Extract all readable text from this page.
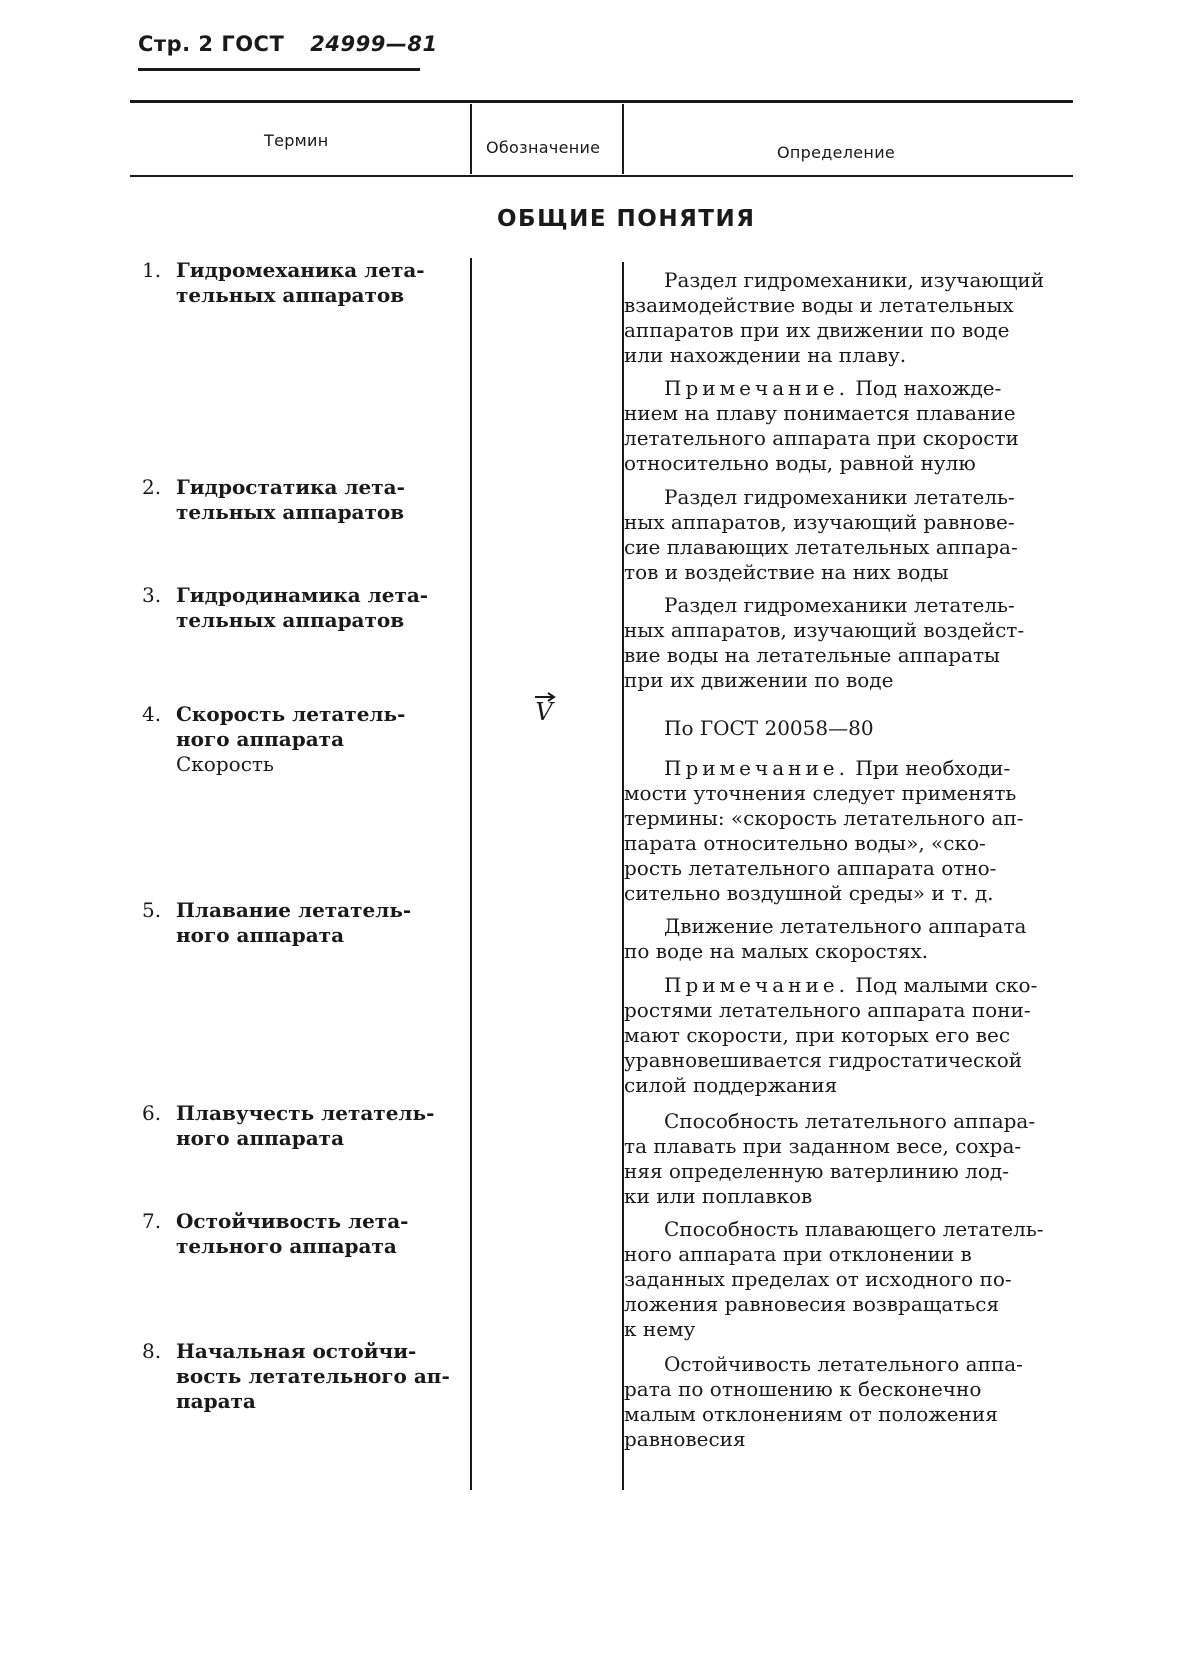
Стр. 2 ГОСТ 24999—81
Термин	Обозначение	Определение
ОБЩИЕ ПОНЯТИЯ
1. Гидромеханика лета-
тельных аппаратов
2. Гидростатика лета-
тельных аппаратов
3. Гидродинамика лета-
тельных аппаратов
4. Скорость летатель-
ного аппарата
Скорость
5. Плавание летатель-
ного аппарата
6. Плавучесть летатель-
ного аппарата
7. Остойчивость лета-
тельного аппарата
8. Начальная остойчи-
вость летательного ап-
парата
V
Раздел гидромеханики, изучающий
взаимодействие воды и летательных
аппаратов при их движении по воде
или нахождении на плаву.
Примечание. Под нахожде-
нием на плаву понимается плавание
летательного аппарата при скорости
относительно воды, равной нулю
Раздел гидромеханики летатель-
ных аппаратов, изучающий равнове-
сие плавающих летательных аппара-
тов и воздействие на них воды
Раздел гидромеханики летатель-
ных аппаратов, изучающий воздейст-
вие воды на летательные аппараты
при их движении по воде
По ГОСТ 20058—80
Примечание. При необходи-
мости уточнения следует применять
термины: «скорость летательного ап-
парата относительно воды», «ско-
рость летательного аппарата отно-
сительно воздушной среды» и т. д.
Движение летательного аппарата
по воде на малых скоростях.
Примечание. Под малыми ско-
ростями летательного аппарата пони-
мают скорости, при которых его вес
уравновешивается гидростатической
силой поддержания
Способность летательного аппара-
та плавать при заданном весе, сохра-
няя определенную ватерлинию лод-
ки или поплавков
Способность плавающего летатель-
ного аппарата при отклонении в
заданных пределах от исходного по-
ложения равновесия возвращаться
к нему
Остойчивость летательного аппа-
рата по отношению к бесконечно
малым отклонениям от положения
равновесия
